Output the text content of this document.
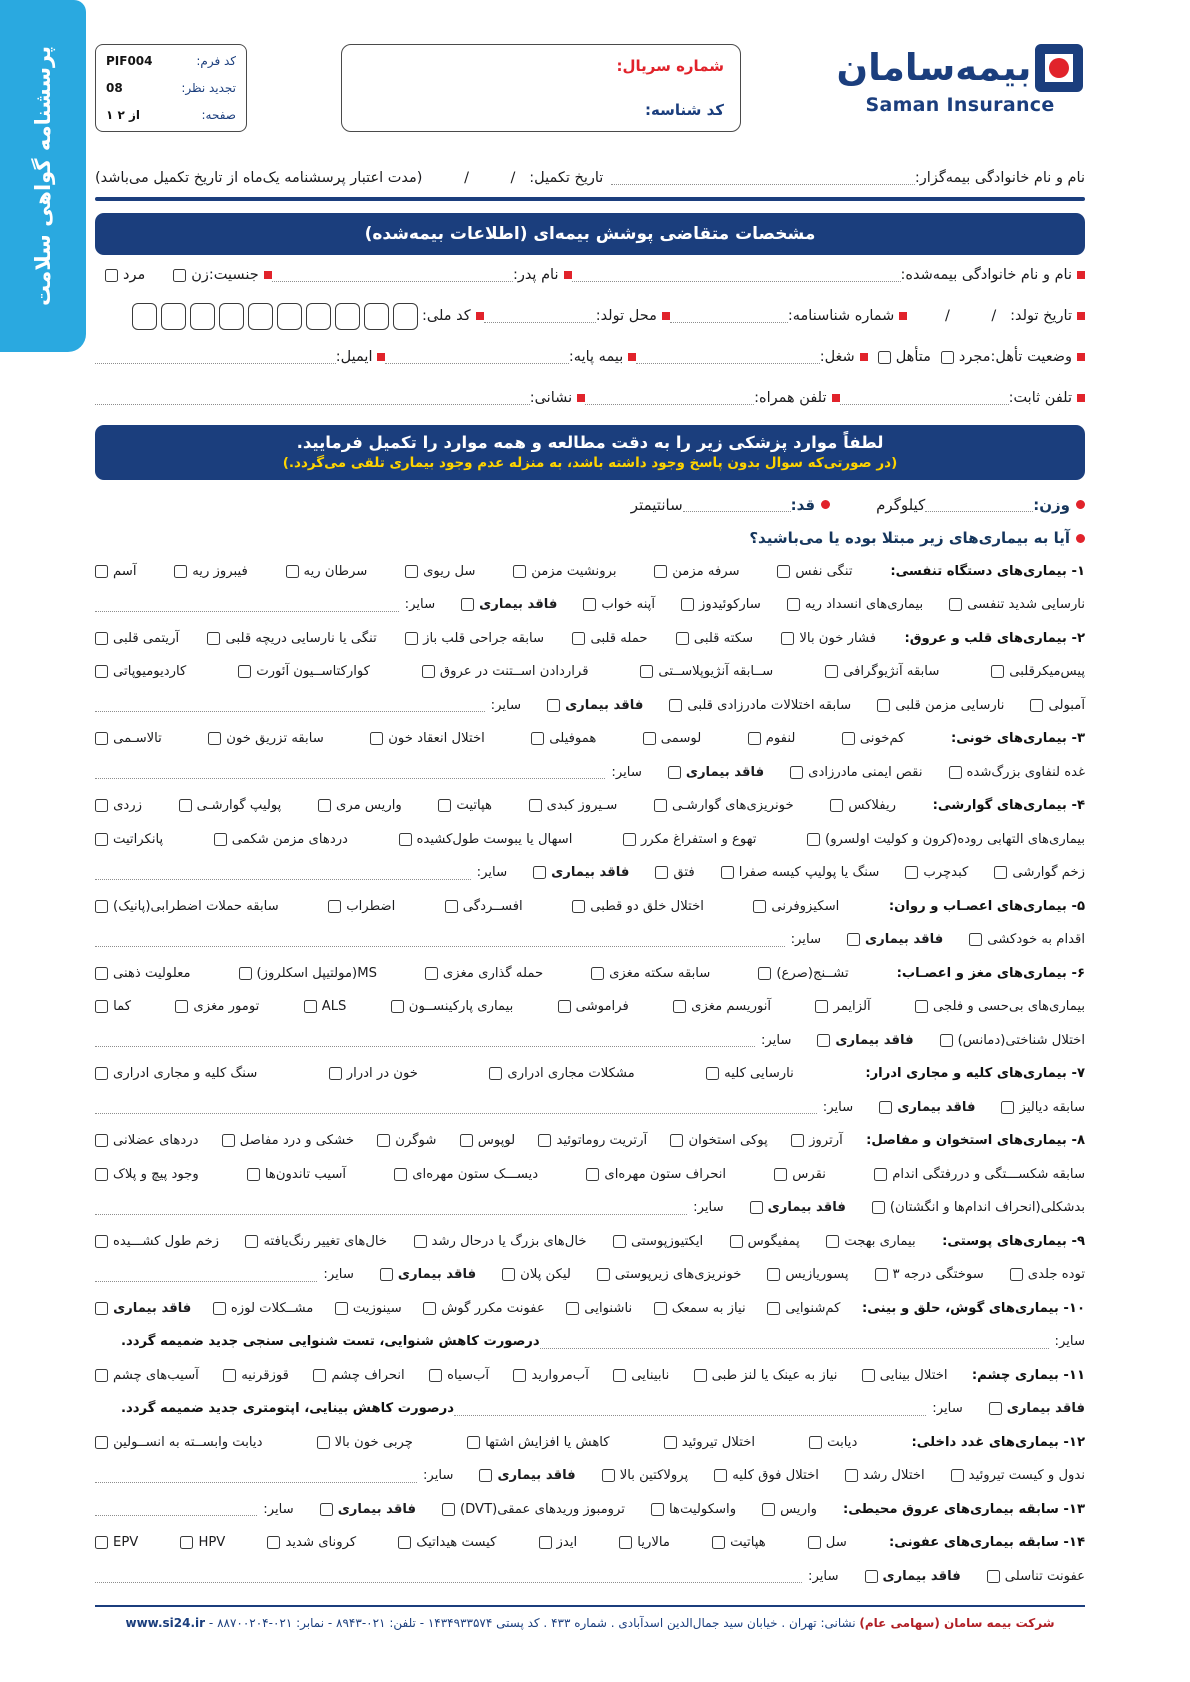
پرسشنامه گواهی سلامت	بیمه‌سامان
Saman Insurance
شماره سریال:
کد شناسه:
کد فرم:
PIF004
تجدید نظر:
08
صفحه:
۱ از ۲
نام و نام خانوادگی بیمه‌گزار:
تاریخ تکمیل:
/         /
(مدت اعتبار پرسشنامه یک‌ماه از تاریخ تکمیل می‌باشد)
مشخصات متقاضی پوشش بیمه‌ای (اطلاعات بیمه‌شده)
نام و نام خانوادگی بیمه‌شده:
نام پدر:
جنسیت:
زن
مرد
تاریخ تولد:
/         /
شماره شناسنامه:
محل تولد:
کد ملی:
وضعیت تأهل:
مجرد
متأهل
شغل:
بیمه پایه:
ایمیل:
تلفن ثابت:
تلفن همراه:
نشانی:
لطفاً موارد پزشکی زیر را به دقت مطالعه و همه موارد را تکمیل فرمایید.
(در صورتی‌که سوال بدون پاسخ وجود داشته باشد، به منزله عدم وجود بیماری تلقی می‌گردد.)
وزن:
کیلوگرم
قد:
سانتیمتر
آیا به بیماری‌های زیر مبتلا بوده یا می‌باشید؟
۱- بیماری‌های دستگاه تنفسی:
تنگی نفس
سرفه مزمن
برونشیت مزمن
سل ریوی
سرطان ریه
فیبروز ریه
آسم
نارسایی شدید تنفسی
بیماری‌های انسداد ریه
سارکوئیدوز
آپنه خواب
فاقد بیماری
سایر:
۲- بیماری‌های قلب و عروق:
فشار خون بالا
سکته قلبی
حمله قلبی
سابقه جراحی قلب باز
تنگی یا نارسایی دریچه قلبی
آریتمی قلبی
پیس‌میکرقلبی
سابقه آنژیوگرافی
ســابقه آنژیوپلاســتی
قراردادن اســتنت در عروق
کوارکتاســیون آئورت
کاردیومیوپاتی
آمبولی
نارسایی مزمن قلبی
سابقه اختلالات مادرزادی قلبی
فاقد بیماری
سایر:
۳- بیماری‌های خونی:
کم‌خونی
لنفوم
لوسمی
هموفیلی
اختلال انعقاد خون
سابقه تزریق خون
تالاسـمی
غده لنفاوی بزرگ‌شده
نقص ایمنی مادرزادی
فاقد بیماری
سایر:
۴- بیماری‌های گوارشی:
ریفلاکس
خونریزی‌های گوارشـی
سـیروز کبدی
هپاتیت
واریس مری
پولیپ گوارشـی
زردی
بیماری‌های التهابی روده(کرون و کولیت اولسرو)
تهوع و استفراغ مکرر
اسهال یا یبوست طول‌کشیده
دردهای مزمن شکمی
پانکراتیت
زخم گوارشی
کبدچرب
سنگ یا پولیپ کیسه صفرا
فتق
فاقد بیماری
سایر:
۵- بیماری‌های اعصـاب و روان:
اسکیزوفرنی
اختلال خلق دو قطبی
افســردگی
اضطراب
سابقه حملات اضطرابی(پانیک)
اقدام به خودکشی
فاقد بیماری
سایر:
۶- بیماری‌های مغز و اعصـاب:
تشــنج(صرع)
سابقه سکته مغزی
حمله گذاری مغزی
MS(مولتیپل اسکلروز)
معلولیت ذهنی
بیماری‌های بی‌حسی و فلجی
آلزایمر
آنوریسم مغزی
فراموشی
بیماری پارکینســون
ALS
تومور مغزی
کما
اختلال شناختی(دمانس)
فاقد بیماری
سایر:
۷- بیماری‌های کلیه و مجاری ادرار:
نارسایی کلیه
مشکلات مجاری ادراری
خون در ادرار
سنگ کلیه و مجاری ادراری
سابقه دیالیز
فاقد بیماری
سایر:
۸- بیماری‌های استخوان و مفاصل:
آرتروز
پوکی استخوان
آرتریت روماتوئید
لوپوس
شوگرن
خشکی و درد مفاصل
دردهای عضلانی
سابقه شکســـتگی و دررفتگی اندام
نقرس
انحراف ستون مهره‌ای
دیســـک ستون مهره‌ای
آسیب تاندون‌ها
وجود پیچ و پلاک
بدشکلی(انحراف اندام‌ها و انگشتان)
فاقد بیماری
سایر:
۹- بیماری‌های پوستی:
بیماری بهجت
پمفیگوس
ایکتیوزپوستی
خال‌های بزرگ یا درحال رشد
خال‌های تغییر رنگ‌یافته
زخم طول کشـــیده
توده جلدی
سوختگی درجه ۳
پسوریازیس
خونریزی‌های زیرپوستی
لیکن پلان
فاقد بیماری
سایر:
۱۰- بیماری‌های گوش، حلق و بینی:
کم‌شنوایی
نیاز به سمعک
ناشنوایی
عفونت مکرر گوش
سینوزیت
مشــکلات لوزه
فاقد بیماری
سایر:
درصورت کاهش شنوایی، تست شنوایی سنجی جدید ضمیمه گردد.
۱۱- بیماری چشم:
اختلال بینایی
نیاز به عینک یا لنز طبی
نابینایی
آب‌مروارید
آب‌سیاه
انحراف چشم
قوزقرنیه
آسیب‌های چشم
فاقد بیماری
سایر:
درصورت کاهش بینایی، اپتومتری جدید ضمیمه گردد.
۱۲- بیماری‌های غدد داخلی:
دیابت
اختلال تیروئید
کاهش یا افزایش اشتها
چربی خون بالا
دیابت وابســته به انســولین
ندول و کیست تیروئید
اختلال رشد
اختلال فوق کلیه
پرولاکتین بالا
فاقد بیماری
سایر:
۱۳- سابقه بیماری‌های عروق محیطی:
واریس
واسکولیت‌ها
ترومبوز وریدهای عمقی(DVT)
فاقد بیماری
سایر:
۱۴- سابقه بیماری‌های عفونی:
سل
هپاتیت
مالاریا
ایدز
کیست هیداتیک
کرونای شدید
HPV
EPV
عفونت تناسلی
فاقد بیماری
سایر:
شرکت بیمه سامان (سهامی عام) نشانی: تهران . خیابان سید جمال‌الدین اسدآبادی . شماره ۴۳۳ . کد پستی ۱۴۳۴۹۳۳۵۷۴ - تلفن: ۰۲۱-۸۹۴۳ - نمابر: ۰۲۱-۸۸۷۰۰۲۰۴ - www.si24.ir
